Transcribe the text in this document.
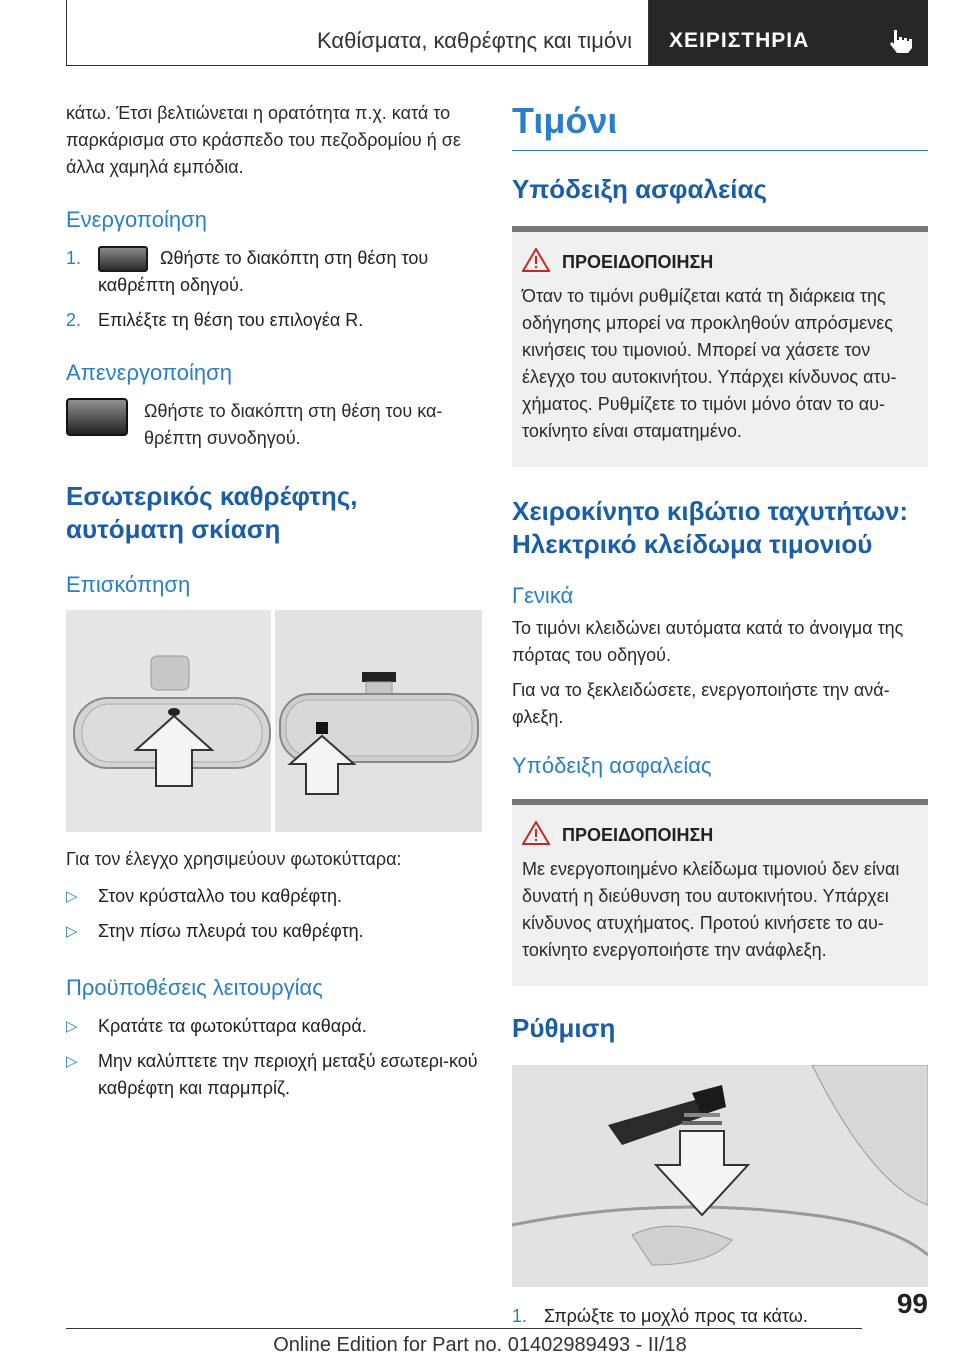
Καθίσματα, καθρέφτης και τιμόνι ΧΕΙΡΙΣΤΗΡΙΑ

κάτω. Έτσι βελτιώνεται η ορατότητα π.χ. κατά το παρκάρισμα στο κράσπεδο του πεζοδρομίου ή σε άλλα χαμηλά εμπόδια.

Ενεργοποίηση
1.	Ωθήστε το διακόπτη στη θέση του καθρέπτη οδηγού.
2. Επιλέξτε τη θέση του επιλογέα R.
Απενεργοποίηση

Ωθήστε το διακόπτη στη θέση του κα-θρέπτη συνοδηγού.

Εσωτερικός καθρέφτης, αυτόματη σκίαση
Επισκόπηση

Για τον έλεγχο χρησιμεύουν φωτοκύτταρα:

▷ Στον κρύσταλλο του καθρέφτη.
▷ Στην πίσω πλευρά του καθρέφτη.
Προϋποθέσεις λειτουργίας
▷ Κρατάτε τα φωτοκύτταρα καθαρά.
▷ Μην καλύπτετε την περιοχή μεταξύ εσωτερι-κού καθρέφτη και παρμπρίζ.
Τιμόνι
Υπόδειξη ασφαλείας
ΠΡΟΕΙΔΟΠΟΙΗΣΗ

Όταν το τιμόνι ρυθμίζεται κατά τη διάρκεια της οδήγησης μπορεί να προκληθούν απρόσμενες κινήσεις του τιμονιού. Μπορεί να χάσετε τον έλεγχο του αυτοκινήτου. Υπάρχει κίνδυνος ατυ-χήματος. Ρυθμίζετε το τιμόνι μόνο όταν το αυ-τοκίνητο είναι σταματημένο.

Χειροκίνητο κιβώτιο ταχυτήτων: Ηλεκτρικό κλείδωμα τιμονιού
Γενικά

Το τιμόνι κλειδώνει αυτόματα κατά το άνοιγμα της πόρτας του οδηγού.

Για να το ξεκλειδώσετε, ενεργοποιήστε την ανά-φλεξη.

Υπόδειξη ασφαλείας
ΠΡΟΕΙΔΟΠΟΙΗΣΗ

Με ενεργοποιημένο κλείδωμα τιμονιού δεν είναι δυνατή η διεύθυνση του αυτοκινήτου. Υπάρχει κίνδυνος ατυχήματος. Προτού κινήσετε το αυ-τοκίνητο ενεργοποιήστε την ανάφλεξη.

Ρύθμιση
1. Σπρώξτε το μοχλό προς τα κάτω.	99
Online Edition for Part no. 01402989493 - II/18
